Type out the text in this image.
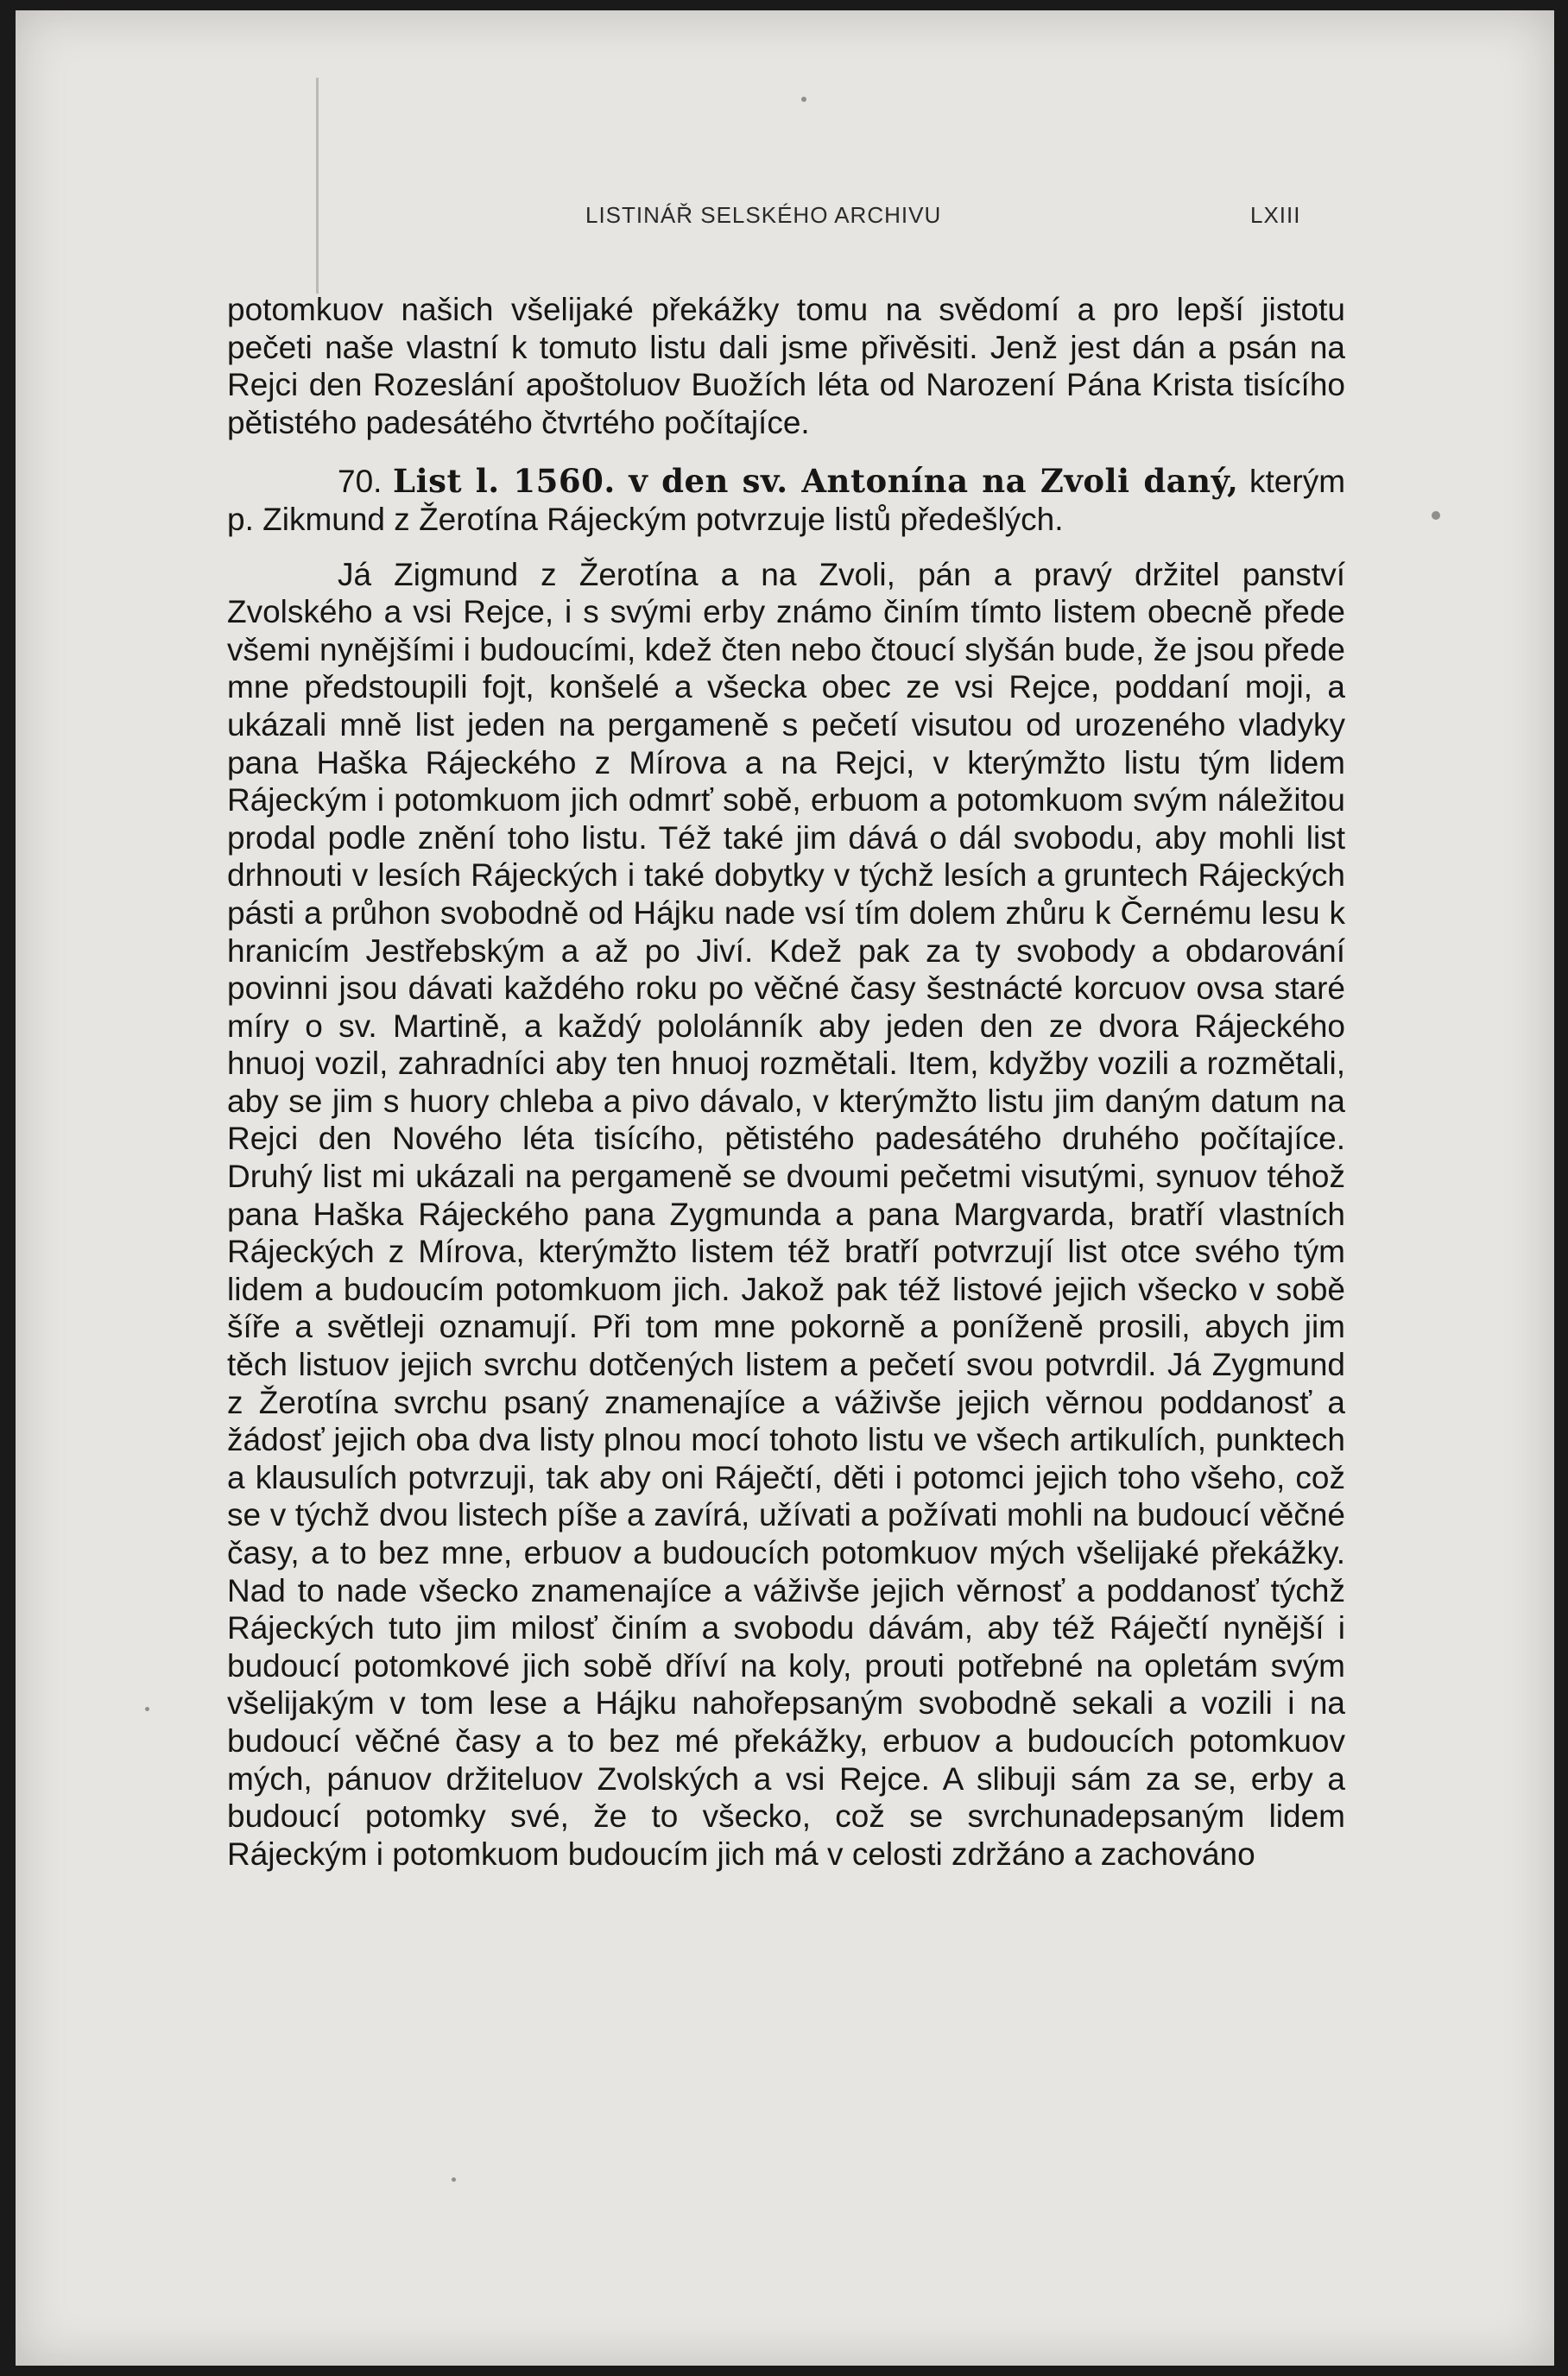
LISTINÁŘ SELSKÉHO ARCHIVU	LXIII

potomkuov našich všelijaké překážky tomu na svědomí a pro lepší jistotu pečeti naše vlastní k tomuto listu dali jsme přivěsiti. Jenž jest dán a psán na Rejci den Rozeslání apoštoluov Buožích léta od Narození Pána Krista tisícího pětistého padesátého čtvrtého počítajíce.

70. List l. 1560. v den sv. Antonína na Zvoli daný, kterým p. Zikmund z Žerotína Rájeckým potvrzuje listů předešlých.

Já Zigmund z Žerotína a na Zvoli, pán a pravý držitel panství Zvolského a vsi Rejce, i s svými erby známo činím tímto listem obecně přede všemi nynějšími i budoucími, kdež čten nebo čtoucí slyšán bude, že jsou přede mne předstoupili fojt, konšelé a všecka obec ze vsi Rejce, poddaní moji, a ukázali mně list jeden na pergameně s pečetí visutou od urozeného vladyky pana Haška Rájeckého z Mírova a na Rejci, v kterýmžto listu tým lidem Rájeckým i potomkuom jich odmrť sobě, erbuom a potomkuom svým náležitou prodal podle znění toho listu. Též také jim dává o dál svobodu, aby mohli list drhnouti v lesích Rájeckých i také dobytky v týchž lesích a gruntech Rájeckých pásti a průhon svobodně od Hájku nade vsí tím dolem zhůru k Černému lesu k hranicím Jestřebským a až po Jiví. Kdež pak za ty svobody a obdarování povinni jsou dávati každého roku po věčné časy šestnácté korcuov ovsa staré míry o sv. Martině, a každý pololánník aby jeden den ze dvora Rájeckého hnuoj vozil, zahradníci aby ten hnuoj rozmětali. Item, kdyžby vozili a rozmětali, aby se jim s huory chleba a pivo dávalo, v kterýmžto listu jim daným datum na Rejci den Nového léta tisícího, pětistého padesátého druhého počítajíce. Druhý list mi ukázali na pergameně se dvoumi pečetmi visutými, synuov téhož pana Haška Rájeckého pana Zygmunda a pana Margvarda, bratří vlastních Rájeckých z Mírova, kterýmžto listem též bratří potvrzují list otce svého tým lidem a budoucím potomkuom jich. Jakož pak též listové jejich všecko v sobě šíře a světleji oznamují. Při tom mne pokorně a poníženě prosili, abych jim těch listuov jejich svrchu dotčených listem a pečetí svou potvrdil. Já Zygmund z Žerotína svrchu psaný znamenajíce a váživše jejich věrnou poddanosť a žádosť jejich oba dva listy plnou mocí tohoto listu ve všech artikulích, punktech a klausulích potvrzuji, tak aby oni Ráječtí, děti i potomci jejich toho všeho, což se v týchž dvou listech píše a zavírá, užívati a požívati mohli na budoucí věčné časy, a to bez mne, erbuov a budoucích potomkuov mých všelijaké překážky. Nad to nade všecko znamenajíce a váživše jejich věrnosť a poddanosť týchž Rájeckých tuto jim milosť činím a svobodu dávám, aby též Ráječtí nynější i budoucí potomkové jich sobě dříví na koly, prouti potřebné na opletám svým všelijakým v tom lese a Hájku nahořepsaným svobodně sekali a vozili i na budoucí věčné časy a to bez mé překážky, erbuov a budoucích potomkuov mých, pánuov držiteluov Zvolských a vsi Rejce. A slibuji sám za se, erby a budoucí potomky své, že to všecko, což se svrchunadepsaným lidem Rájeckým i potomkuom budoucím jich má v celosti zdržáno a zachováno
